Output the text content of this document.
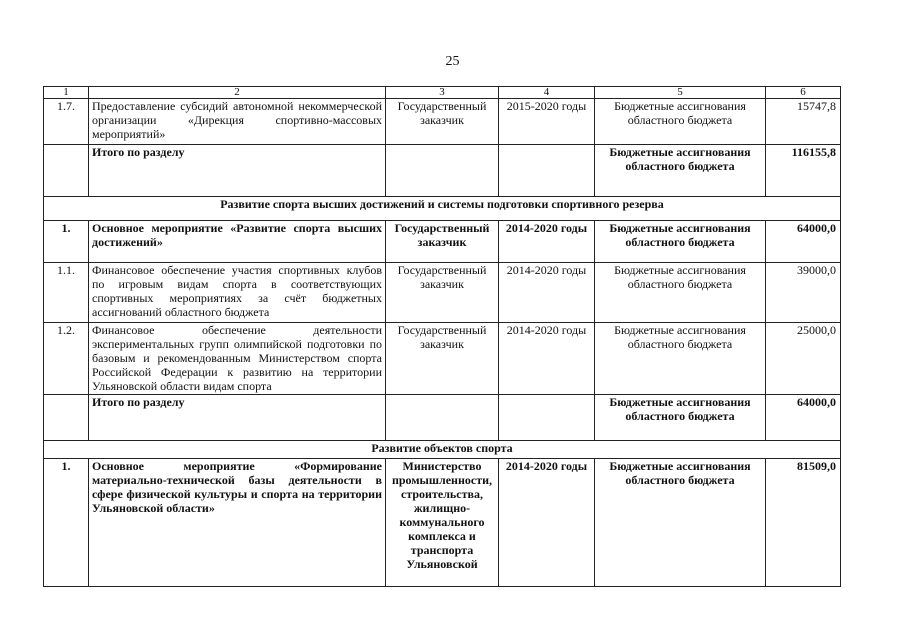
25
1	2	3	4	5	6
1.7.	Предоставление субсидий автономной некоммерческой организации «Дирекция спортивно-массовых мероприятий»	Государственный заказчик	2015-2020 годы	Бюджетные ассигнования областного бюджета	15747,8
	Итого по разделу			Бюджетные ассигнования областного бюджета	116155,8
Развитие спорта высших достижений и системы подготовки спортивного резерва					
1.	Основное мероприятие «Развитие спорта высших достижений»	Государственный заказчик	2014-2020 годы	Бюджетные ассигнования областного бюджета	64000,0
1.1.	Финансовое обеспечение участия спортивных клубов по игровым видам спорта в соответствующих спортивных мероприятиях за счёт бюджетных ассигнований областного бюджета	Государственный заказчик	2014-2020 годы	Бюджетные ассигнования областного бюджета	39000,0
1.2.	Финансовое обеспечение деятельности экспериментальных групп олимпийской подготовки по базовым и рекомендованным Министерством спорта Российской Федерации к развитию на территории Ульяновской области видам спорта	Государственный заказчик	2014-2020 годы	Бюджетные ассигнования областного бюджета	25000,0
	Итого по разделу			Бюджетные ассигнования областного бюджета	64000,0
Развитие объектов спорта					
1.	Основное мероприятие «Формирование материально-технической базы деятельности в сфере физической культуры и спорта на территории Ульяновской области»	Министерство промышленности, строительства, жилищно-коммунального комплекса и транспорта Ульяновской	2014-2020 годы	Бюджетные ассигнования областного бюджета	81509,0
